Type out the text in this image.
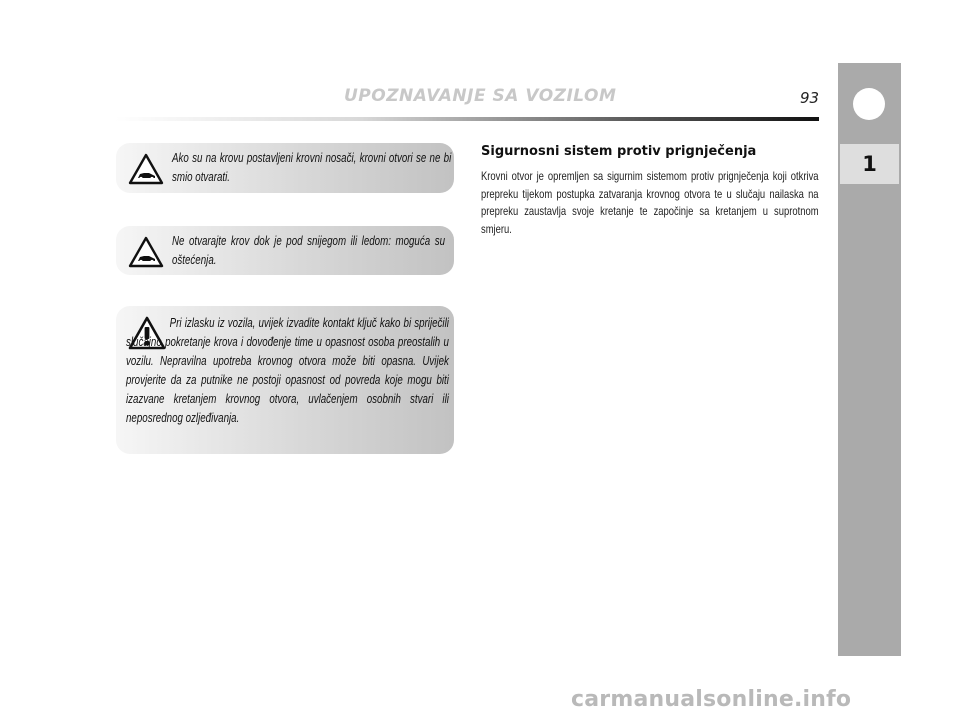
UPOZNAVANJE SA VOZILOM	93
1

Ako su na krovu postavljeni krovni nosači, krovni otvori se ne bi smio otvarati.

Ne otvarajte krov dok je pod snijegom ili ledom: moguća su oštećenja.

Pri izlasku iz vozila, uvijek izvadite kontakt ključ kako bi spriječili slučajno pokretanje krova i dovođenje time u opasnost osoba preostalih u vozilu. Nepravilna upotreba krovnog otvora može biti opasna. Uvijek provjerite da za putnike ne postoji opasnost od povreda koje mogu biti izazvane kretanjem krovnog otvora, uvlačenjem osobnih stvari ili neposrednog ozljeđivanja.

Sigurnosni sistem protiv prignječenja

Krovni otvor je opremljen sa sigurnim sistemom protiv prignječenja koji otkriva prepreku tijekom postupka zatvaranja krovnog otvora te u slučaju nailaska na prepreku zaustavlja svoje kretanje te započinje sa kretanjem u suprotnom smjeru.

carmanualsonline.info
